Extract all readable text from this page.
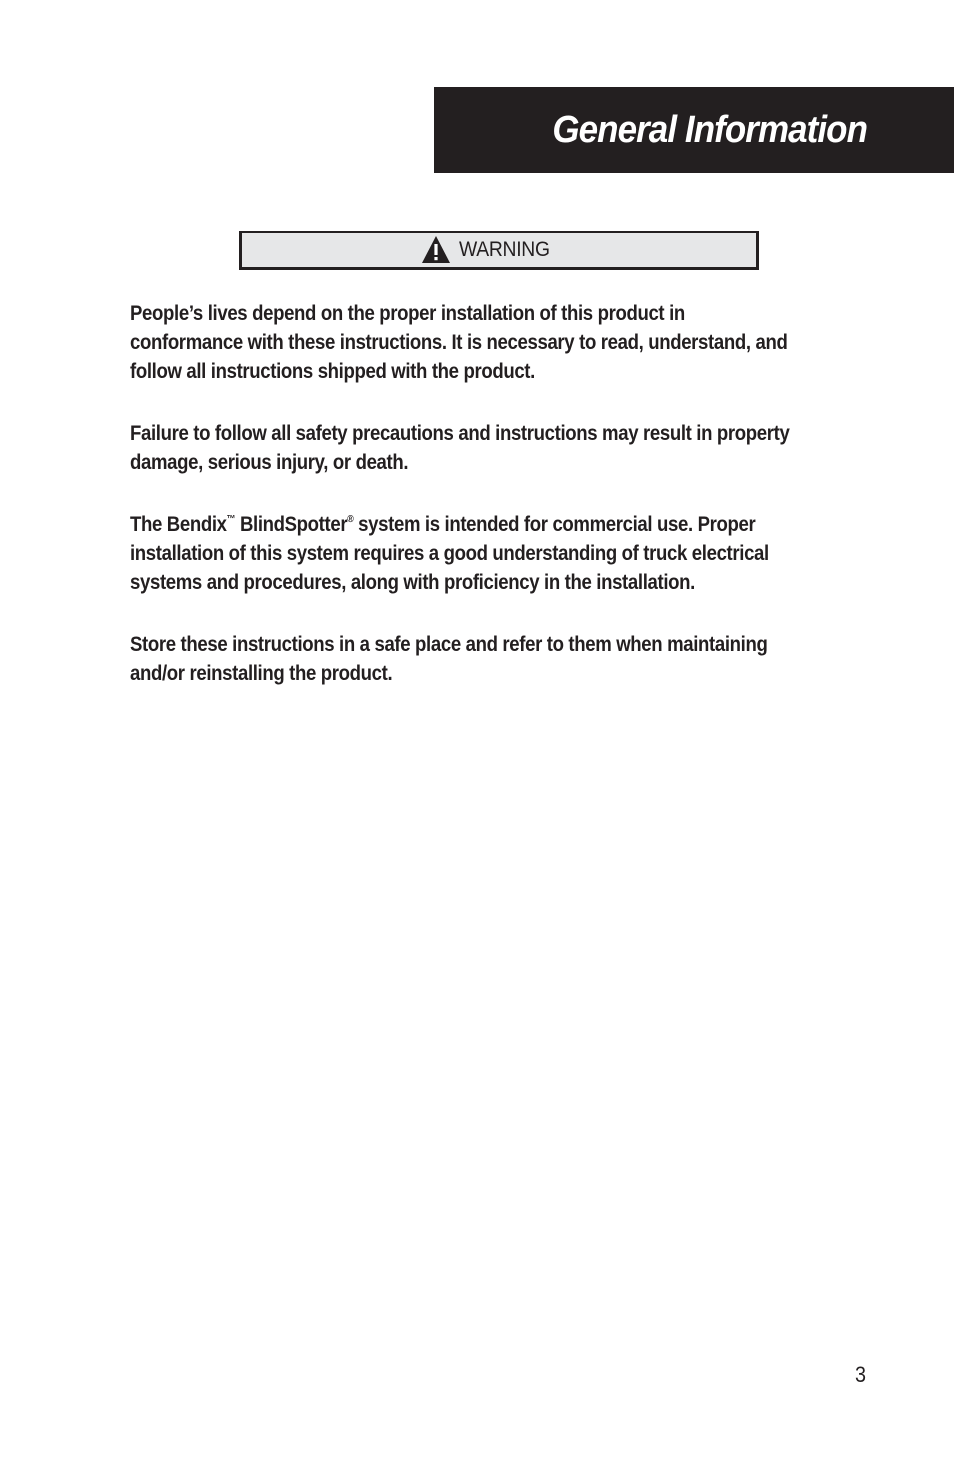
General Information
WARNING

People’s lives depend on the proper installation of this product in
conformance with these instructions. It is necessary to read, understand, and
follow all instructions shipped with the product.

Failure to follow all safety precautions and instructions may result in property
damage, serious injury, or death.

The Bendix™ BlindSpotter® system is intended for commercial use. Proper
installation of this system requires a good understanding of truck electrical
systems and procedures, along with proficiency in the installation.

Store these instructions in a safe place and refer to them when maintaining
and/or reinstalling the product.

3
